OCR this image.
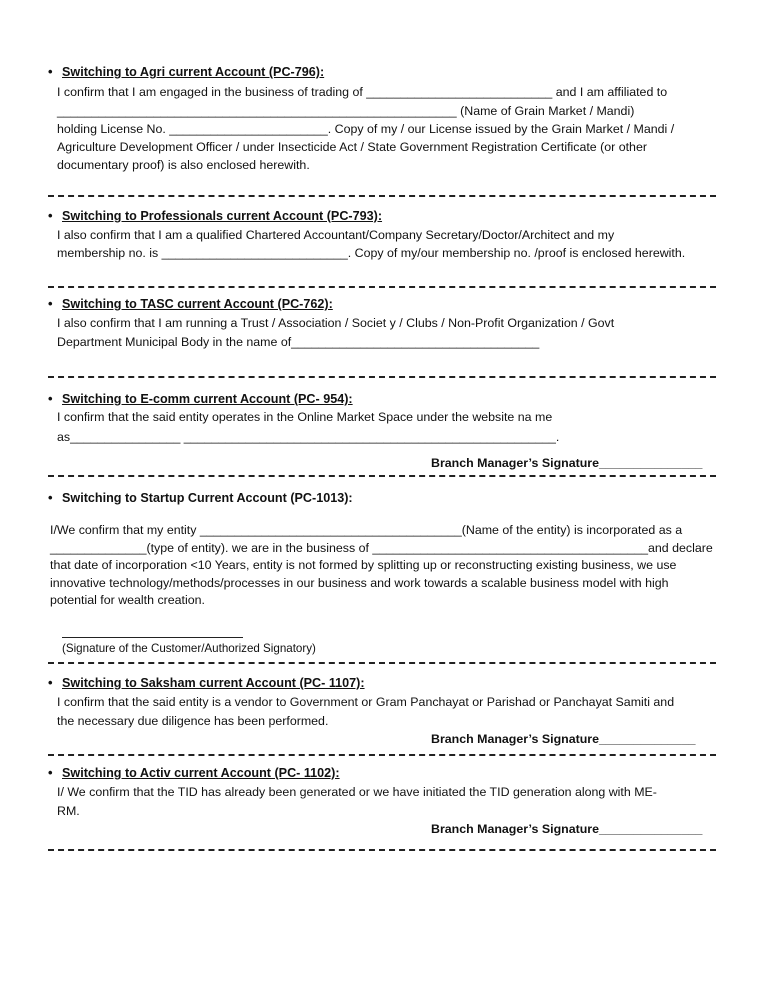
• Switching to Agri current Account (PC-796):
I confirm that I am engaged in the business of trading of ___________________________ and I am affiliated to
__________________________________________________________ (Name of Grain Market / Mandi)
holding License No. _______________________. Copy of my / our License issued by the Grain Market / Mandi /
Agriculture Development Officer / under Insecticide Act / State Government Registration Certificate (or other
documentary proof) is also enclosed herewith.
• Switching to Professionals current Account (PC-793):
I also confirm that I am a qualified Chartered Accountant/Company Secretary/Doctor/Architect and my
membership no. is ___________________________. Copy of my/our membership no. /proof is enclosed herewith.
• Switching to TASC current Account (PC-762):
I also confirm that I am running a Trust / Association / Societ y / Clubs / Non-Profit Organization / Govt
Department Municipal Body in the name of____________________________________
• Switching to E-comm current Account (PC- 954):
I confirm that the said entity operates in the Online Market Space under the website na me
as________________ ______________________________________________________.
Branch Manager’s Signature_______________
• Switching to Startup Current Account (PC-1013):
I/We confirm that my entity ______________________________________(Name of the entity) is incorporated as a
______________(type of entity). we are in the business of ________________________________________and declare
that date of incorporation <10 Years, entity is not formed by splitting up or reconstructing existing business, we use
innovative technology/methods/processes in our business and work towards a scalable business model with high
potential for wealth creation.
(Signature of the Customer/Authorized Signatory)
• Switching to Saksham current Account (PC- 1107):
I confirm that the said entity is a vendor to Government or Gram Panchayat or Parishad or Panchayat Samiti and
the necessary due diligence has been performed.
Branch Manager’s Signature______________
• Switching to Activ current Account (PC- 1102):
I/ We confirm that the TID has already been generated or we have initiated the TID generation along with ME-
RM.
Branch Manager’s Signature_______________
